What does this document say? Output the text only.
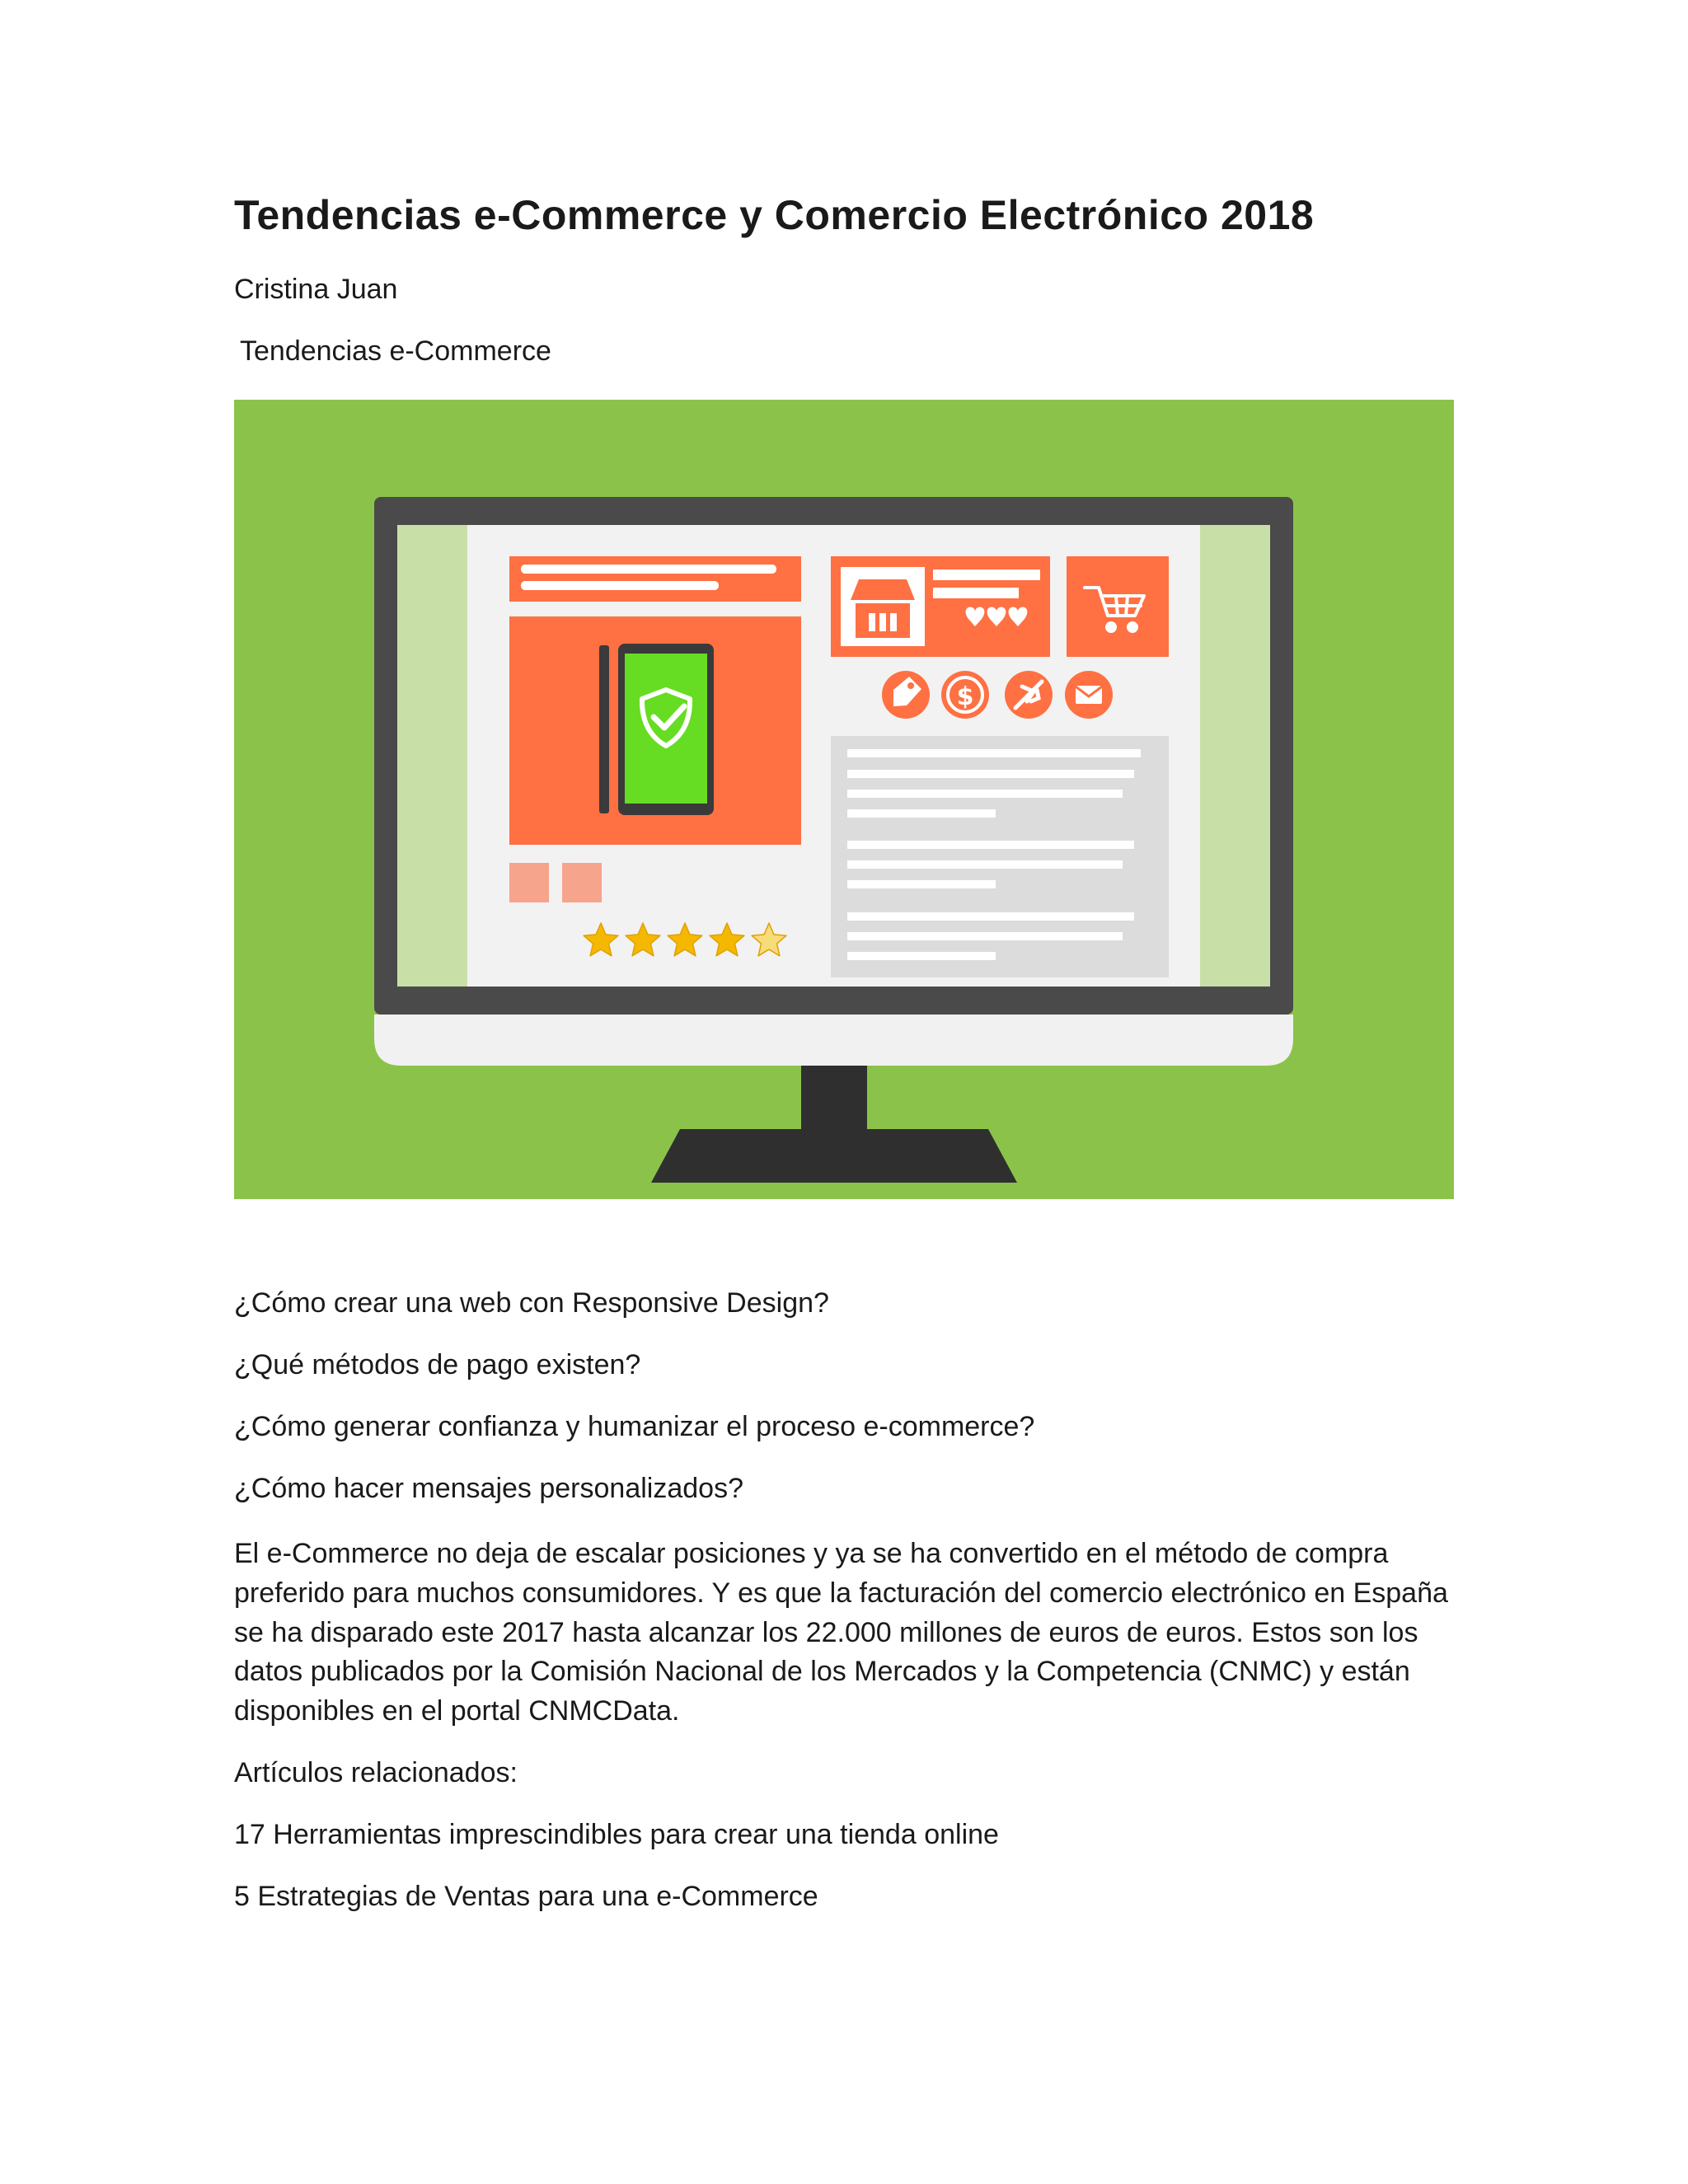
Tendencias e-Commerce y Comercio Electrónico 2018

Cristina Juan

Tendencias e-Commerce

$

¿Cómo crear una web con Responsive Design?

¿Qué métodos de pago existen?

¿Cómo generar confianza y humanizar el proceso e-commerce?

¿Cómo hacer mensajes personalizados?

El e-Commerce no deja de escalar posiciones y ya se ha convertido en el método de compra preferido para muchos consumidores. Y es que la facturación del comercio electrónico en España se ha disparado este 2017 hasta alcanzar los 22.000 millones de euros de euros. Estos son los datos publicados por la Comisión Nacional de los Mercados y la Competencia (CNMC) y están disponibles en el portal CNMCData.

Artículos relacionados:

17 Herramientas imprescindibles para crear una tienda online

5 Estrategias de Ventas para una e-Commerce
